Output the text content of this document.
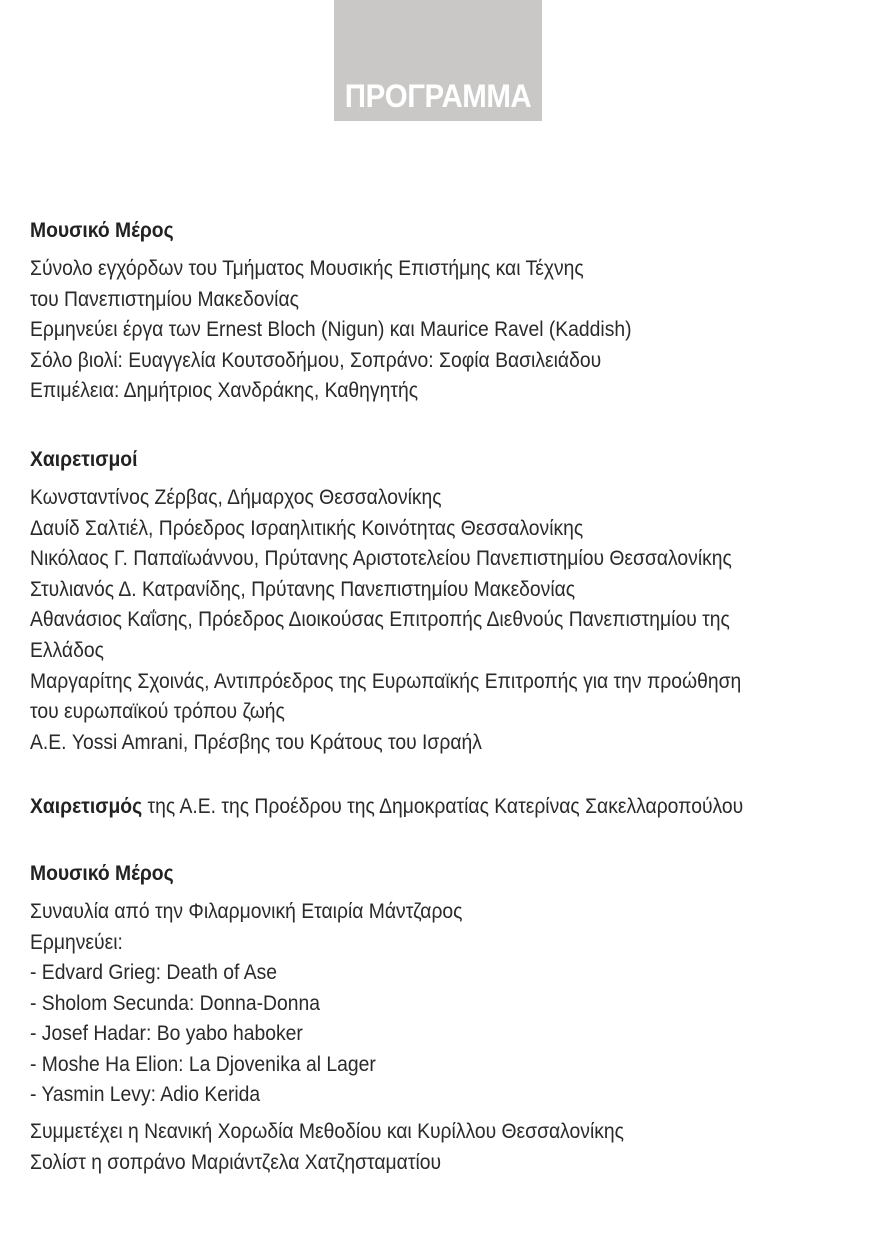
ΠΡΟΓΡΑΜΜΑ
Μουσικό Μέρος
Σύνολο εγχόρδων του Τμήματος Μουσικής Επιστήμης και Τέχνης
του Πανεπιστημίου Μακεδονίας
Ερμηνεύει έργα των Ernest Bloch (Nigun) και Maurice Ravel (Kaddish)
Σόλο βιολί: Ευαγγελία Κουτσοδήμου, Σοπράνο: Σοφία Βασιλειάδου
Επιμέλεια: Δημήτριος Χανδράκης, Καθηγητής
Χαιρετισμοί
Κωνσταντίνος Ζέρβας, Δήμαρχος Θεσσαλονίκης
Δαυίδ Σαλτιέλ, Πρόεδρος Ισραηλιτικής Κοινότητας Θεσσαλονίκης
Νικόλαος Γ. Παπαϊωάννου, Πρύτανης Αριστοτελείου Πανεπιστημίου Θεσσαλονίκης
Στυλιανός Δ. Κατρανίδης, Πρύτανης Πανεπιστημίου Μακεδονίας
Αθανάσιος Καΐσης, Πρόεδρος Διοικούσας Επιτροπής Διεθνούς Πανεπιστημίου της
Ελλάδος
Μαργαρίτης Σχοινάς, Αντιπρόεδρος της Ευρωπαϊκής Επιτροπής για την προώθηση
του ευρωπαϊκού τρόπου ζωής
Α.Ε. Yossi Amrani, Πρέσβης του Κράτους του Ισραήλ
Χαιρετισμός της Α.Ε. της Προέδρου της Δημοκρατίας Κατερίνας Σακελλαροπούλου
Μουσικό Μέρος
Συναυλία από την Φιλαρμονική Εταιρία Μάντζαρος
Ερμηνεύει:
- Edvard Grieg: Death of Ase
- Sholom Secunda: Donna-Donna
- Josef Hadar: Bo yabo haboker
- Moshe Ha Elion: La Djovenika al Lager
- Yasmin Levy: Adio Kerida
Συμμετέχει η Νεανική Χορωδία Μεθοδίου και Κυρίλλου Θεσσαλονίκης
Σολίστ η σοπράνο Μαριάντζελα Χατζησταματίου
